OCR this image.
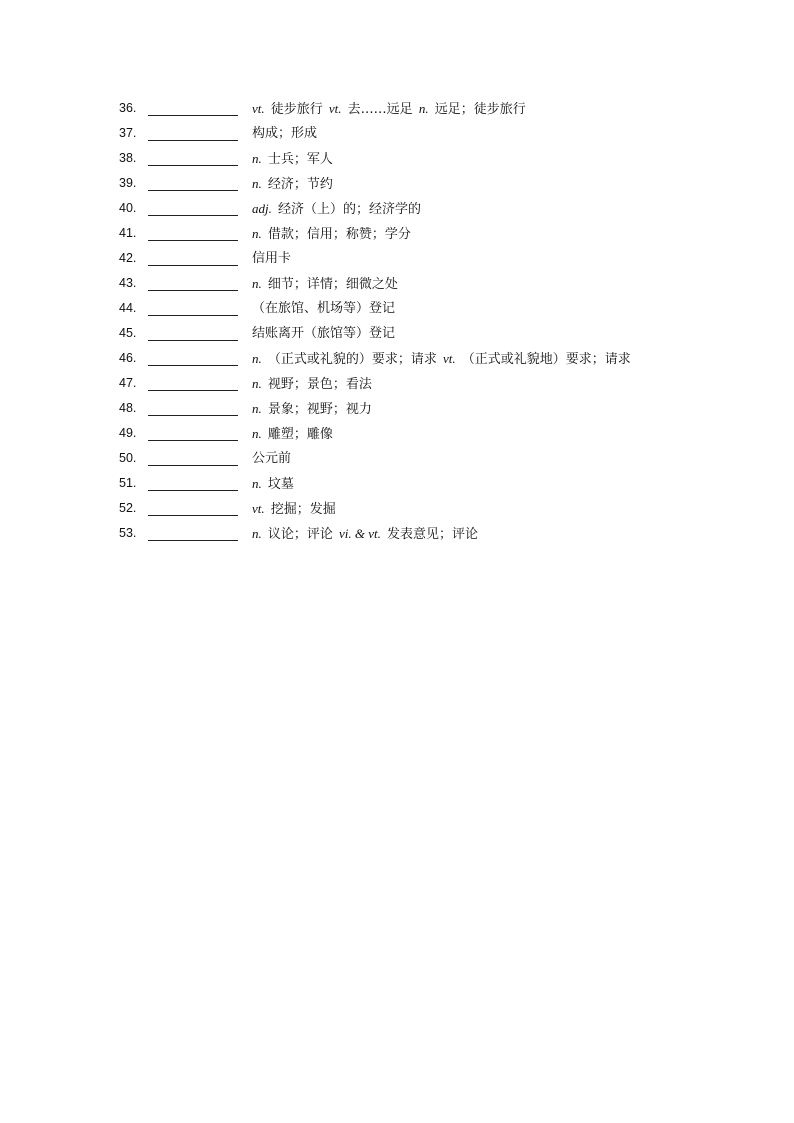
36.	vt. 徒步旅行 vt. 去……远足 n. 远足；徒步旅行
37.	构成；形成
38.	n. 士兵；军人
39.	n. 经济；节约
40.	adj. 经济（上）的；经济学的
41.	n. 借款；信用；称赞；学分
42.	信用卡
43.	n. 细节；详情；细微之处
44.	（在旅馆、机场等）登记
45.	结账离开（旅馆等）登记
46.	n. （正式或礼貌的）要求；请求 vt. （正式或礼貌地）要求；请求
47.	n. 视野；景色；看法
48.	n. 景象；视野；视力
49.	n. 雕塑；雕像
50.	公元前
51.	n. 坟墓
52.	vt. 挖掘；发掘
53.	n. 议论；评论 vi. & vt. 发表意见；评论
